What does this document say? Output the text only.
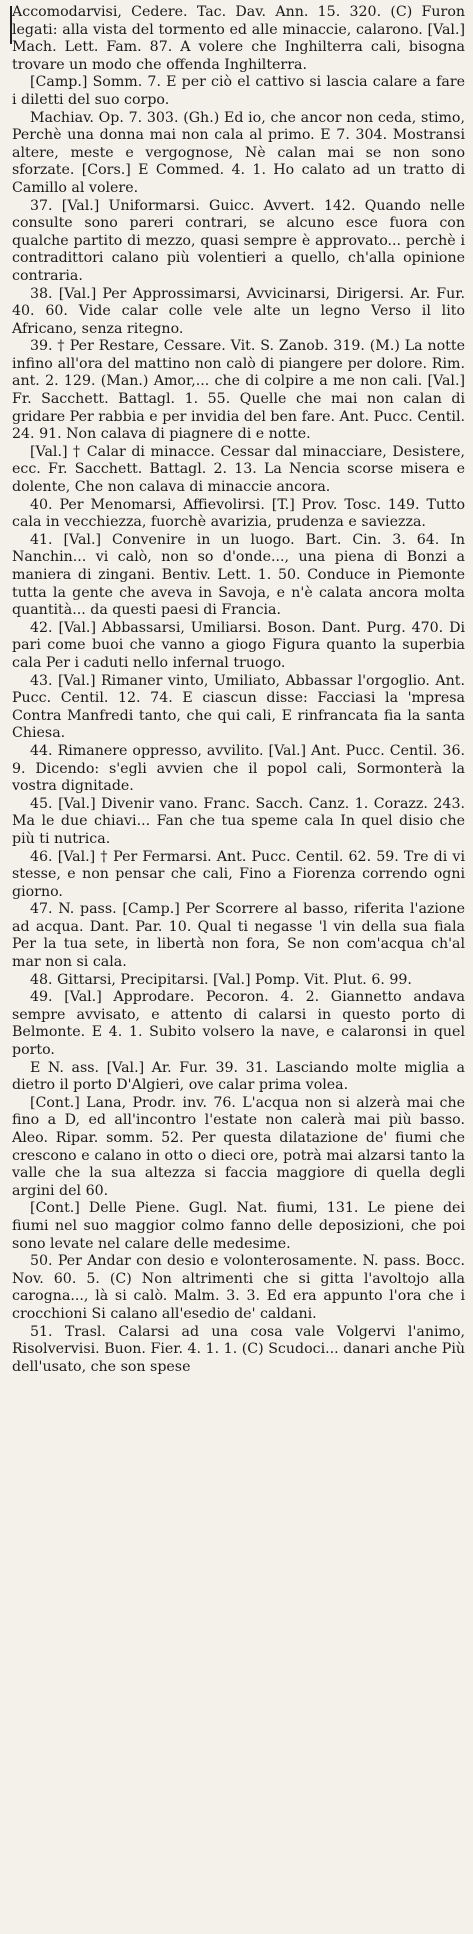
Accomodarvisi, Cedere. Tac. Dav. Ann. 15. 320. (C) Furon legati: alla vista del tormento ed alle minaccie, calarono. [Val.] Mach. Lett. Fam. 87. A volere che Inghilterra cali, bisogna trovare un modo che offenda Inghilterra.

[Camp.] Somm. 7. E per ciò el cattivo si lascia calare a fare i diletti del suo corpo.

Machiav. Op. 7. 303. (Gh.) Ed io, che ancor non ceda, stimo, Perchè una donna mai non cala al primo. E 7. 304. Mostransi altere, meste e vergognose, Nè calan mai se non sono sforzate. [Cors.] E Commed. 4. 1. Ho calato ad un tratto di Camillo al volere.

37. [Val.] Uniformarsi. Guicc. Avvert. 142. Quando nelle consulte sono pareri contrari, se alcuno esce fuora con qualche partito di mezzo, quasi sempre è approvato... perchè i contradittori calano più volentieri a quello, ch'alla opinione contraria.

38. [Val.] Per Approssimarsi, Avvicinarsi, Dirigersi. Ar. Fur. 40. 60. Vide calar colle vele alte un legno Verso il lito Africano, senza ritegno.

39. † Per Restare, Cessare. Vit. S. Zanob. 319. (M.) La notte infino all'ora del mattino non calò di piangere per dolore. Rim. ant. 2. 129. (Man.) Amor,... che di colpire a me non cali. [Val.] Fr. Sacchett. Battagl. 1. 55. Quelle che mai non calan di gridare Per rabbia e per invidia del ben fare. Ant. Pucc. Centil. 24. 91. Non calava di piagnere di e notte.

[Val.] † Calar di minacce. Cessar dal minacciare, Desistere, ecc. Fr. Sacchett. Battagl. 2. 13. La Nencia scorse misera e dolente, Che non calava di minaccie ancora.

40. Per Menomarsi, Affievolirsi. [T.] Prov. Tosc. 149. Tutto cala in vecchiezza, fuorchè avarizia, prudenza e saviezza.

41. [Val.] Convenire in un luogo. Bart. Cin. 3. 64. In Nanchin... vi calò, non so d'onde..., una piena di Bonzi a maniera di zingani. Bentiv. Lett. 1. 50. Conduce in Piemonte tutta la gente che aveva in Savoja, e n'è calata ancora molta quantità... da questi paesi di Francia.

42. [Val.] Abbassarsi, Umiliarsi. Boson. Dant. Purg. 470. Di pari come buoi che vanno a giogo Figura quanto la superbia cala Per i caduti nello infernal truogo.

43. [Val.] Rimaner vinto, Umiliato, Abbassar l'orgoglio. Ant. Pucc. Centil. 12. 74. E ciascun disse: Facciasi la 'mpresa Contra Manfredi tanto, che qui cali, E rinfrancata fia la santa Chiesa.

44. Rimanere oppresso, avvilito. [Val.] Ant. Pucc. Centil. 36. 9. Dicendo: s'egli avvien che il popol cali, Sormonterà la vostra dignitade.

45. [Val.] Divenir vano. Franc. Sacch. Canz. 1. Corazz. 243. Ma le due chiavi... Fan che tua speme cala In quel disio che più ti nutrica.

46. [Val.] † Per Fermarsi. Ant. Pucc. Centil. 62. 59. Tre di vi stesse, e non pensar che cali, Fino a Fiorenza correndo ogni giorno.

47. N. pass. [Camp.] Per Scorrere al basso, riferita l'azione ad acqua. Dant. Par. 10. Qual ti negasse 'l vin della sua fiala Per la tua sete, in libertà non fora, Se non com'acqua ch'al mar non si cala.

48. Gittarsi, Precipitarsi. [Val.] Pomp. Vit. Plut. 6. 99.

49. [Val.] Approdare. Pecoron. 4. 2. Giannetto andava sempre avvisato, e attento di calarsi in questo porto di Belmonte. E 4. 1. Subito volsero la nave, e calaronsi in quel porto.

E N. ass. [Val.] Ar. Fur. 39. 31. Lasciando molte miglia a dietro il porto D'Algieri, ove calar prima volea.

[Cont.] Lana, Prodr. inv. 76. L'acqua non si alzerà mai che fino a D, ed all'incontro l'estate non calerà mai più basso. Aleo. Ripar. somm. 52. Per questa dilatazione de' fiumi che crescono e calano in otto o dieci ore, potrà mai alzarsi tanto la valle che la sua altezza si faccia maggiore di quella degli argini del 60.

[Cont.] Delle Piene. Gugl. Nat. fiumi, 131. Le piene dei fiumi nel suo maggior colmo fanno delle deposizioni, che poi sono levate nel calare delle medesime.

50. Per Andar con desio e volonterosamente. N. pass. Bocc. Nov. 60. 5. (C) Non altrimenti che si gitta l'avoltojo alla carogna..., là si calò. Malm. 3. 3. Ed era appunto l'ora che i crocchioni Si calano all'esedio de' caldani.

51. Trasl. Calarsi ad una cosa vale Volgervi l'animo, Risolvervisi. Buon. Fier. 4. 1. 1. (C) Scudoci... danari anche Più dell'usato, che son spese
